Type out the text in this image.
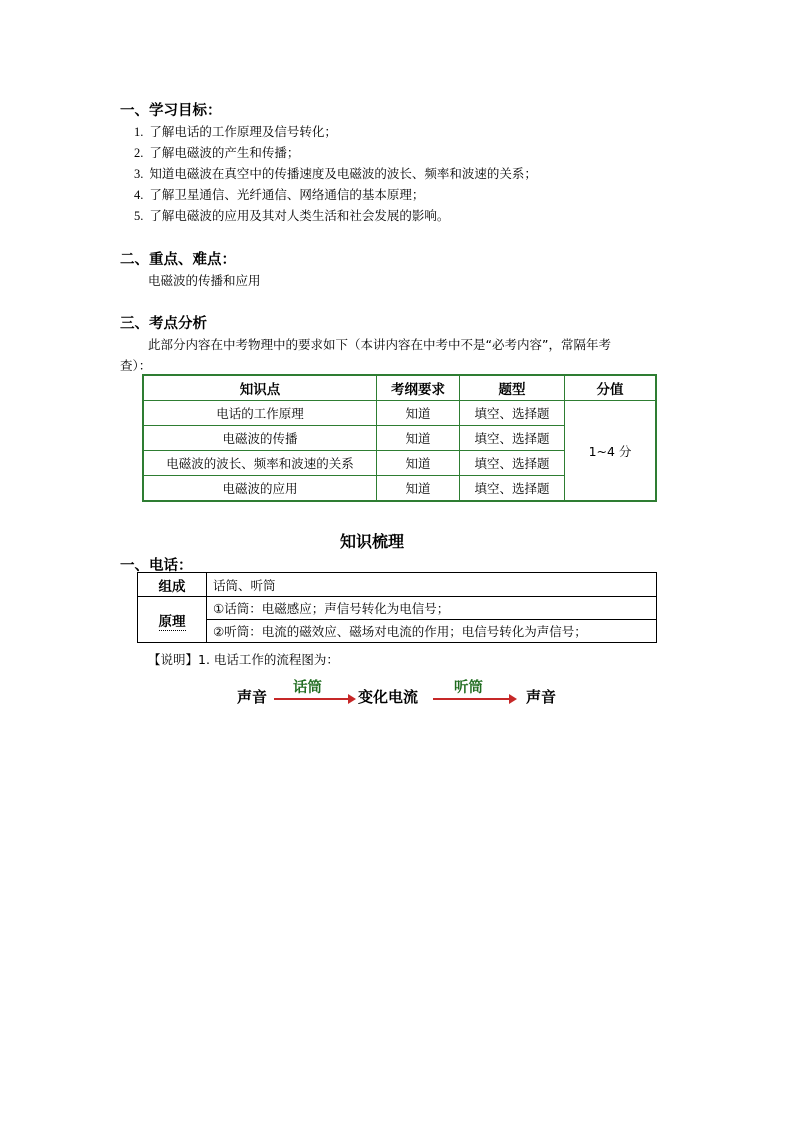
一、学习目标：
1. 了解电话的工作原理及信号转化；
2. 了解电磁波的产生和传播；
3. 知道电磁波在真空中的传播速度及电磁波的波长、频率和波速的关系；
4. 了解卫星通信、光纤通信、网络通信的基本原理；
5. 了解电磁波的应用及其对人类生活和社会发展的影响。
二、重点、难点：
电磁波的传播和应用
三、考点分析
此部分内容在中考物理中的要求如下（本讲内容在中考中不是“必考内容”，常隔年考
查）：
知识点	考纲要求	题型	分值
电话的工作原理	知道	填空、选择题	1~4 分
电磁波的传播	知道	填空、选择题	
电磁波的波长、频率和波速的关系	知道	填空、选择题	
电磁波的应用	知道	填空、选择题	
知识梳理
一、电话：
组成	话筒、听筒
原理	①话筒：电磁感应；声信号转化为电信号；
	②听筒：电流的磁效应、磁场对电流的作用；电信号转化为声信号；
【说明】1. 电话工作的流程图为：
声音 话筒 变化电流 听筒	声音
